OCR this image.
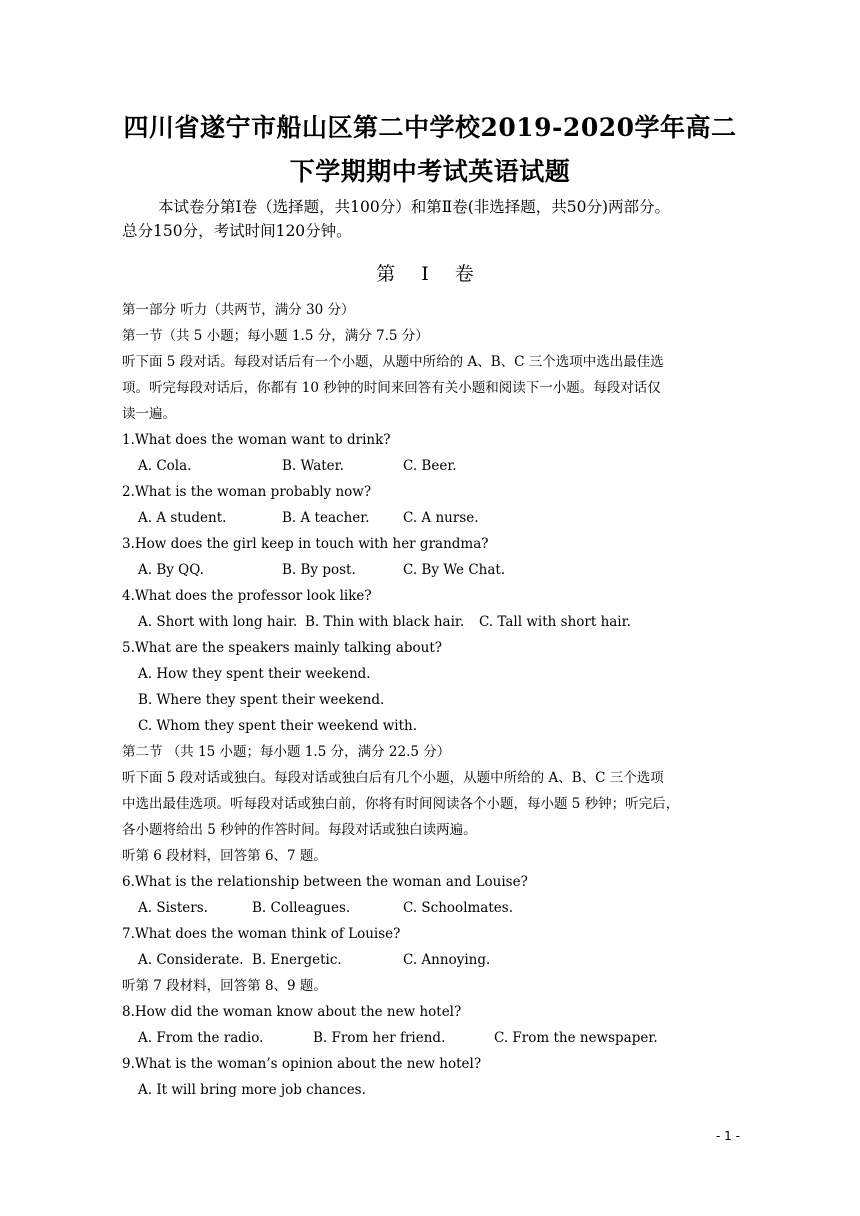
四川省遂宁市船山区第二中学校2019-2020学年高二
下学期期中考试英语试题
本试卷分第Ⅰ卷（选择题，共100分）和第Ⅱ卷(非选择题，共50分)两部分。
总分150分，考试时间120分钟。
第 Ⅰ 卷
第一部分 听力（共两节，满分 30 分）
第一节（共 5 小题；每小题 1.5 分，满分 7.5 分）
听下面 5 段对话。每段对话后有一个小题，从题中所给的 A、B、C 三个选项中选出最佳选
项。听完每段对话后，你都有 10 秒钟的时间来回答有关小题和阅读下一小题。每段对话仅
读一遍。
1.What does the woman want to drink?
A. Cola.	B. Water.	C. Beer.
2.What is the woman probably now?
A. A student.	B. A teacher. C. A nurse.
3.How does the girl keep in touch with her grandma?
A. By QQ.	B. By post.	C. By We Chat.
4.What does the professor look like?
A. Short with long hair. B. Thin with black hair. C. Tall with short hair.
5.What are the speakers mainly talking about?
A. How they spent their weekend.
B. Where they spent their weekend.
C. Whom they spent their weekend with.
第二节 （共 15 小题；每小题 1.5 分，满分 22.5 分）
听下面 5 段对话或独白。每段对话或独白后有几个小题，从题中所给的 A、B、C 三个选项
中选出最佳选项。听每段对话或独白前，你将有时间阅读各个小题，每小题 5 秒钟；听完后，
各小题将给出 5 秒钟的作答时间。每段对话或独白读两遍。
听第 6 段材料，回答第 6、7 题。
6.What is the relationship between the woman and Louise?
A. Sisters.	B. Colleagues.	C. Schoolmates.
7.What does the woman think of Louise?
A. Considerate. B. Energetic.	C. Annoying.
听第 7 段材料，回答第 8、9 题。
8.How did the woman know about the new hotel?
A. From the radio.	B. From her friend.	C. From the newspaper.
9.What is the woman’s opinion about the new hotel?
A. It will bring more job chances.
- 1 -
